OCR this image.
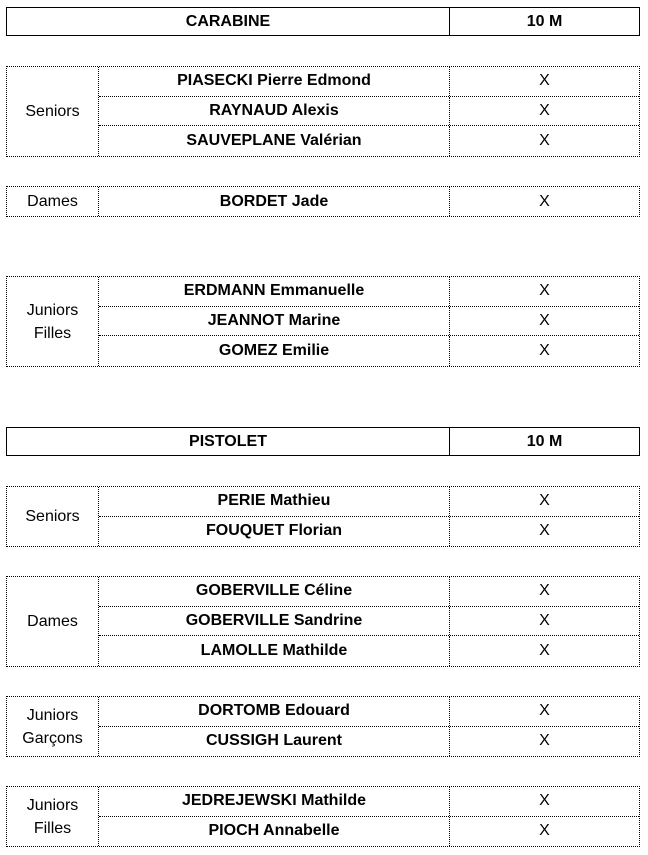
CARABINE	10 M
Seniors
PIASECKI Pierre Edmond	X
RAYNAUD Alexis	X
SAUVEPLANE Valérian	X
Dames	BORDET Jade	X
Juniors Filles
ERDMANN Emmanuelle	X
JEANNOT Marine	X
GOMEZ Emilie	X
PISTOLET	10 M
Seniors
PERIE Mathieu	X
FOUQUET Florian	X
Dames
GOBERVILLE Céline	X
GOBERVILLE Sandrine	X
LAMOLLE Mathilde	X
Juniors Garçons
DORTOMB Edouard	X
CUSSIGH Laurent	X
Juniors Filles
JEDREJEWSKI Mathilde	X
PIOCH Annabelle	X
